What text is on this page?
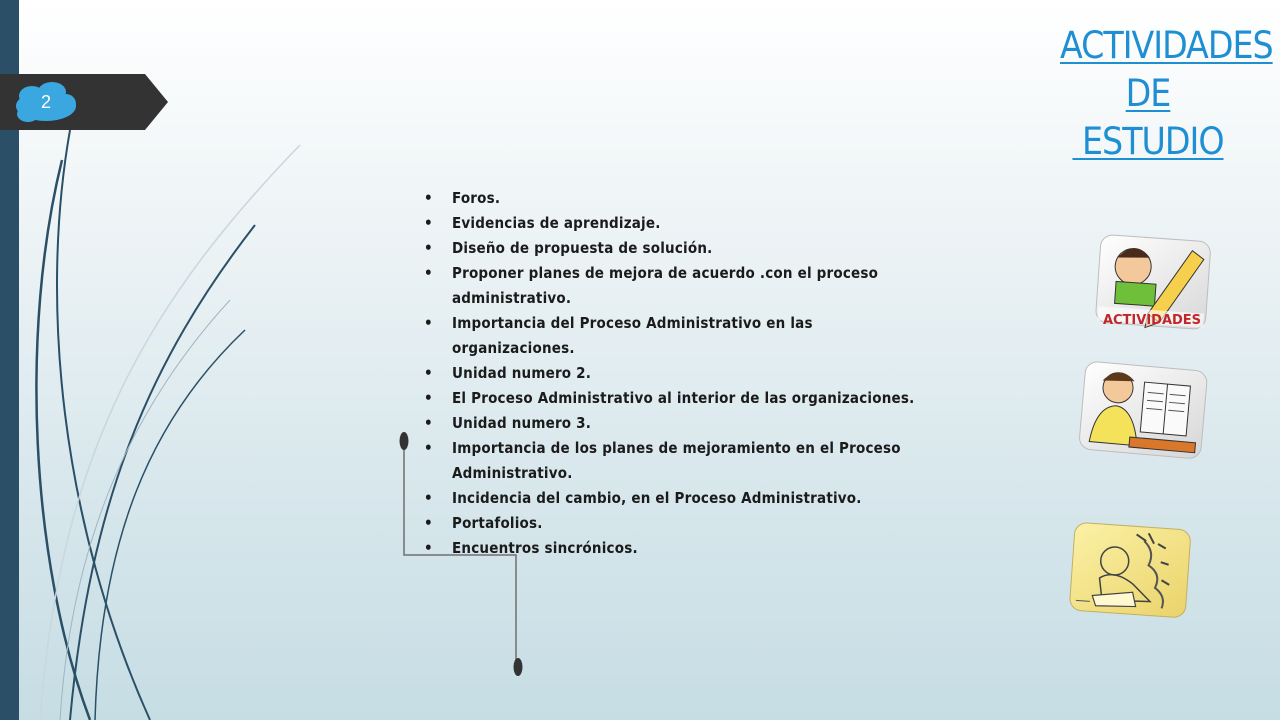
2
ACTIVIDADES
DE
ESTUDIO
• Foros.
• Evidencias de aprendizaje.
• Diseño de propuesta de solución.
• Proponer planes de mejora de acuerdo .con el proceso administrativo.
• Importancia del Proceso Administrativo en las organizaciones.
• Unidad numero 2.
• El Proceso Administrativo al interior de las organizaciones.
• Unidad numero 3.
• Importancia de los planes de mejoramiento en el Proceso Administrativo.
• Incidencia del cambio, en el Proceso Administrativo.
• Portafolios.
• Encuentros sincrónicos.
ACTIVIDADES
